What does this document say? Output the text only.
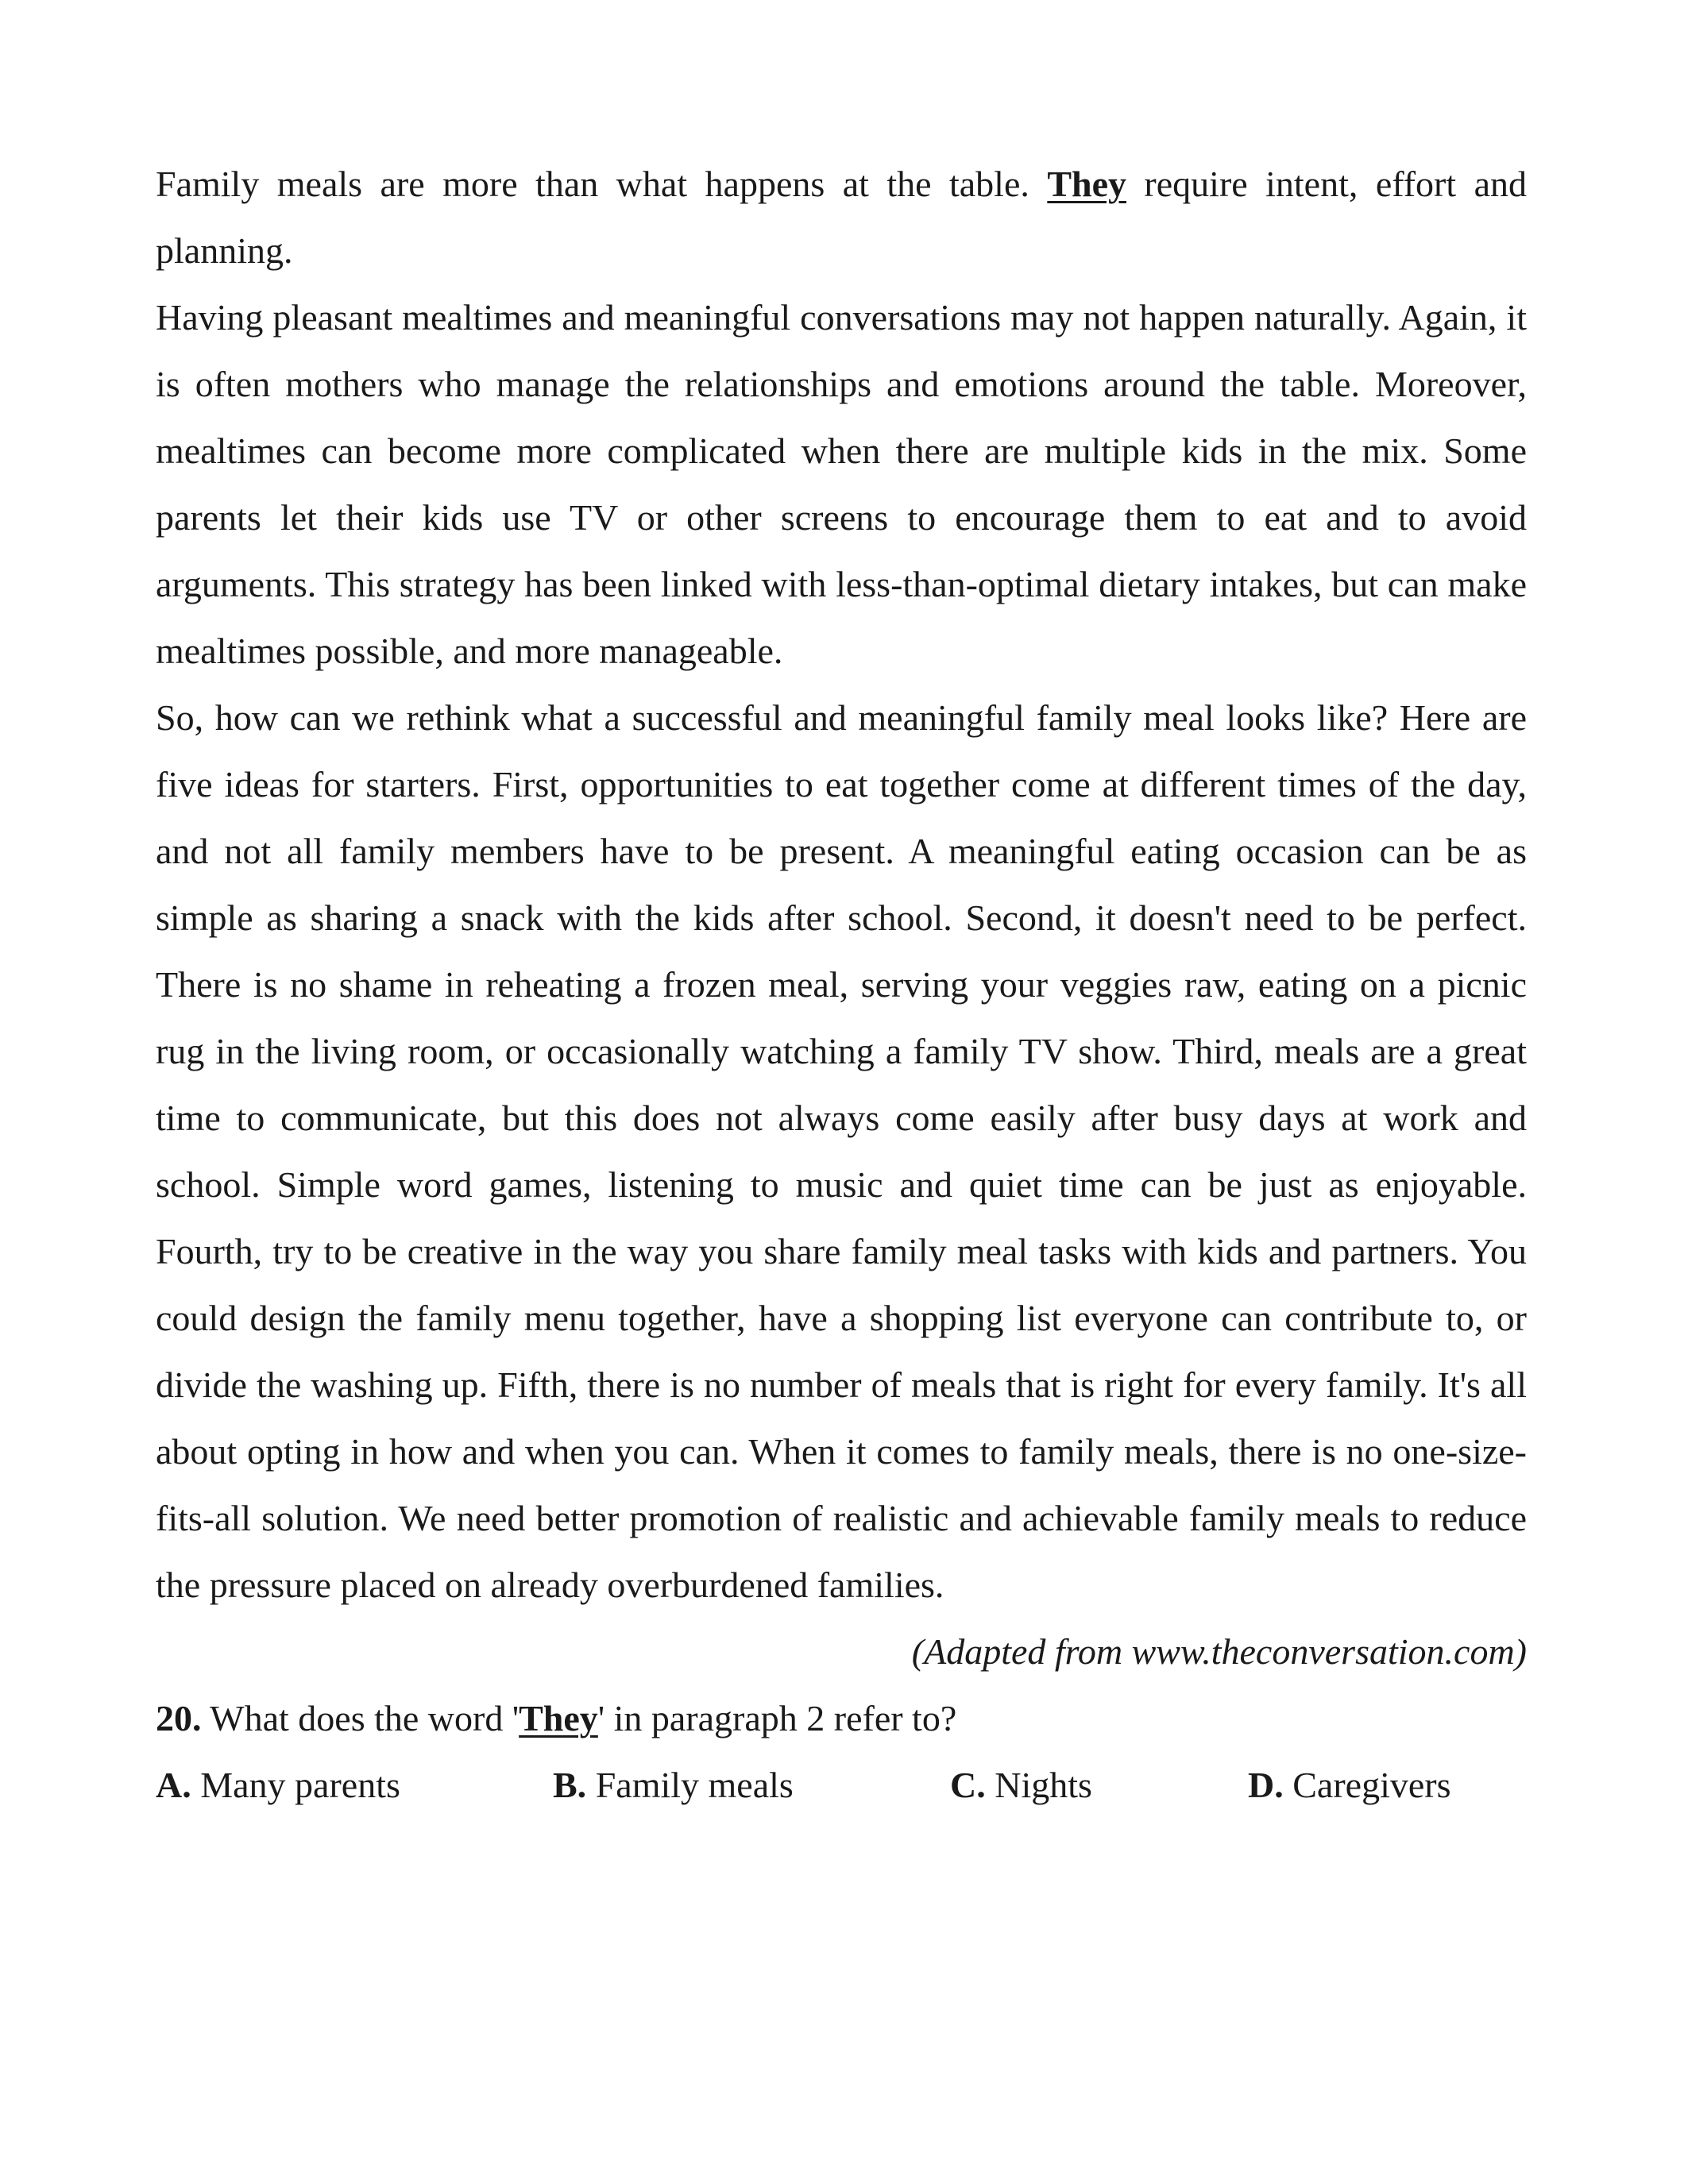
Family meals are more than what happens at the table. They require intent, effort and planning.

Having pleasant mealtimes and meaningful conversations may not happen naturally. Again, it is often mothers who manage the relationships and emotions around the table. Moreover, mealtimes can become more complicated when there are multiple kids in the mix. Some parents let their kids use TV or other screens to encourage them to eat and to avoid arguments. This strategy has been linked with less-than-optimal dietary intakes, but can make mealtimes possible, and more manageable.

So, how can we rethink what a successful and meaningful family meal looks like? Here are five ideas for starters. First, opportunities to eat together come at different times of the day, and not all family members have to be present. A meaningful eating occasion can be as simple as sharing a snack with the kids after school. Second, it doesn't need to be perfect. There is no shame in reheating a frozen meal, serving your veggies raw, eating on a picnic rug in the living room, or occasionally watching a family TV show. Third, meals are a great time to communicate, but this does not always come easily after busy days at work and school. Simple word games, listening to music and quiet time can be just as enjoyable. Fourth, try to be creative in the way you share family meal tasks with kids and partners. You could design the family menu together, have a shopping list everyone can contribute to, or divide the washing up. Fifth, there is no number of meals that is right for every family. It's all about opting in how and when you can. When it comes to family meals, there is no one-size-fits-all solution. We need better promotion of realistic and achievable family meals to reduce the pressure placed on already overburdened families.

(Adapted from www.theconversation.com)

20. What does the word 'They' in paragraph 2 refer to?

A. Many parents	B. Family meals	C. Nights	D. Caregivers
